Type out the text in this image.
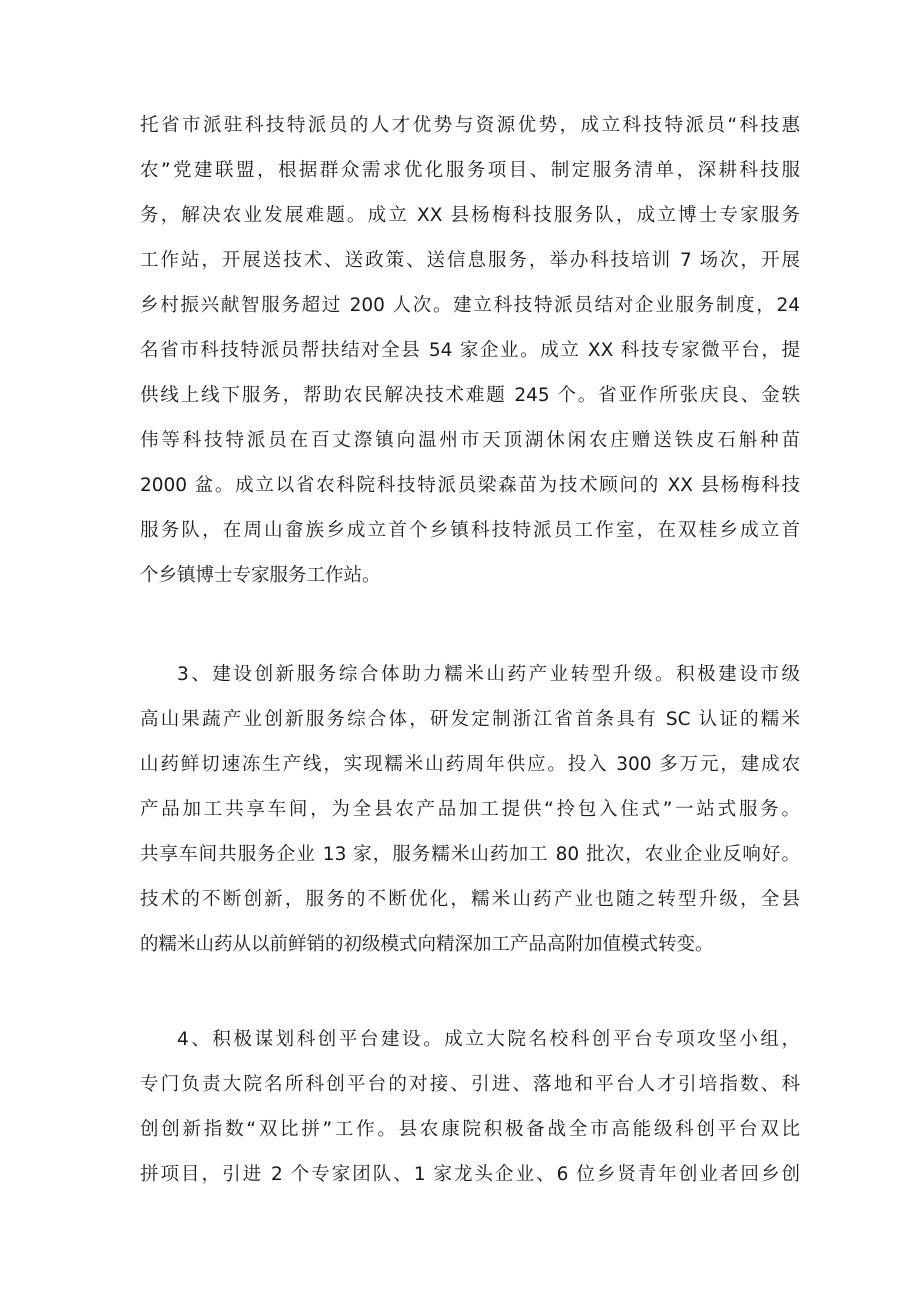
托省市派驻科技特派员的人才优势与资源优势，成立科技特派员“科技惠
农”党建联盟，根据群众需求优化服务项目、制定服务清单，深耕科技服
务，解决农业发展难题。成立 XX 县杨梅科技服务队，成立博士专家服务
工作站，开展送技术、送政策、送信息服务，举办科技培训 7 场次，开展
乡村振兴献智服务超过 200 人次。建立科技特派员结对企业服务制度，24
名省市科技特派员帮扶结对全县 54 家企业。成立 XX 科技专家微平台，提
供线上线下服务，帮助农民解决技术难题 245 个。省亚作所张庆良、金轶
伟等科技特派员在百丈漈镇向温州市天顶湖休闲农庄赠送铁皮石斛种苗
2000 盆。成立以省农科院科技特派员梁森苗为技术顾问的 XX 县杨梅科技
服务队，在周山畲族乡成立首个乡镇科技特派员工作室，在双桂乡成立首
个乡镇博士专家服务工作站。
3、建设创新服务综合体助力糯米山药产业转型升级。积极建设市级
高山果蔬产业创新服务综合体，研发定制浙江省首条具有 SC 认证的糯米
山药鲜切速冻生产线，实现糯米山药周年供应。投入 300 多万元，建成农
产品加工共享车间，为全县农产品加工提供“拎包入住式”一站式服务。
共享车间共服务企业 13 家，服务糯米山药加工 80 批次，农业企业反响好。
技术的不断创新，服务的不断优化，糯米山药产业也随之转型升级，全县
的糯米山药从以前鲜销的初级模式向精深加工产品高附加值模式转变。
4、积极谋划科创平台建设。成立大院名校科创平台专项攻坚小组，
专门负责大院名所科创平台的对接、引进、落地和平台人才引培指数、科
创创新指数“双比拼”工作。县农康院积极备战全市高能级科创平台双比
拼项目，引进 2 个专家团队、1 家龙头企业、6 位乡贤青年创业者回乡创
